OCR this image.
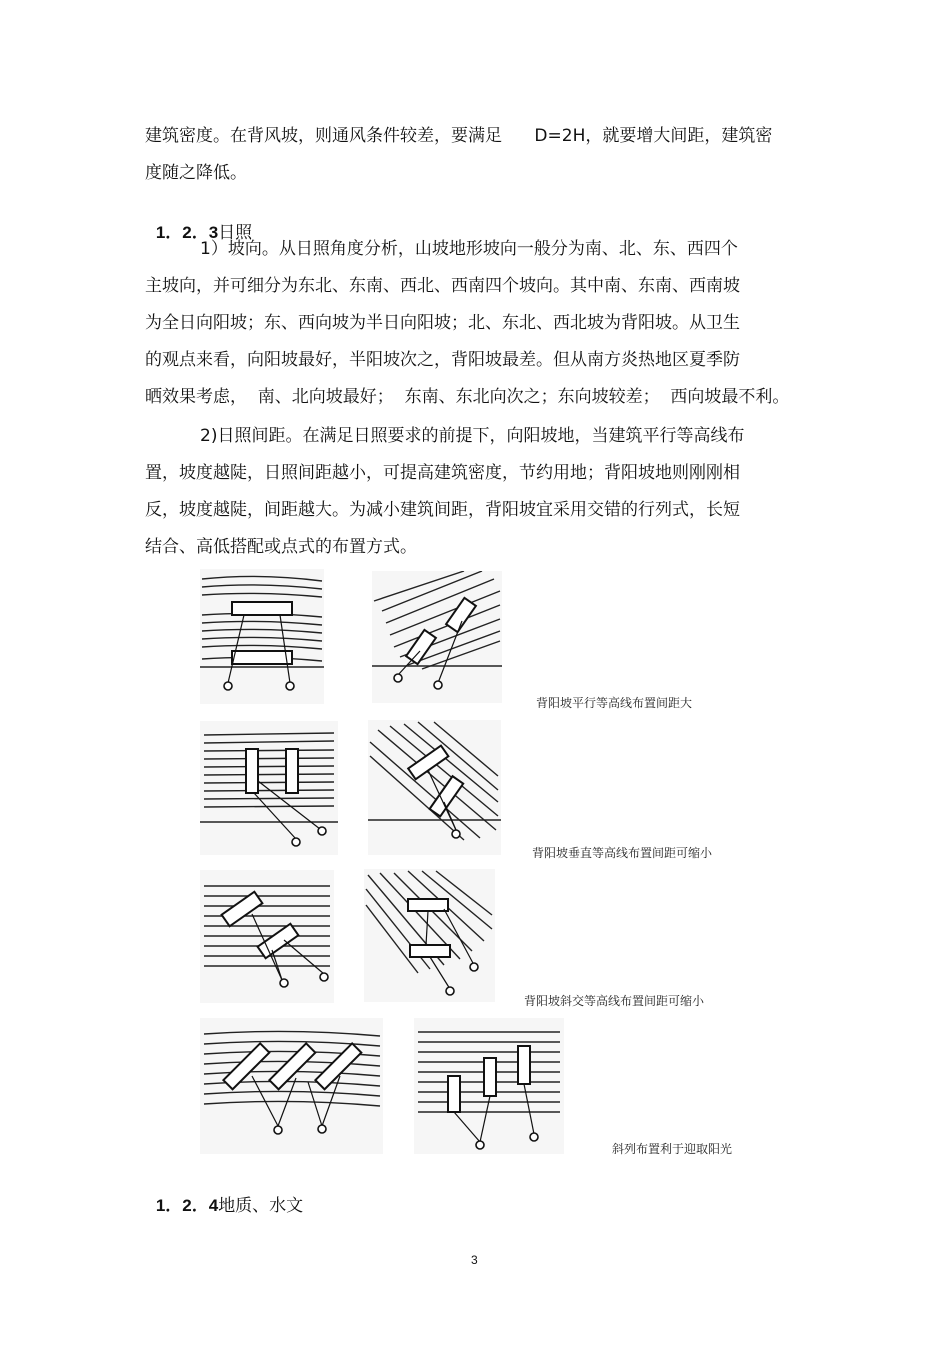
建筑密度。在背风坡，则通风条件较差，要满足      D=2H，就要增大间距，建筑密
度随之降低。

1．2．3日照

1）坡向。从日照角度分析，山坡地形坡向一般分为南、北、东、西四个
主坡向，并可细分为东北、东南、西北、西南四个坡向。其中南、东南、西南坡
为全日向阳坡；东、西向坡为半日向阳坡；北、东北、西北坡为背阳坡。从卫生
的观点来看，向阳坡最好，半阳坡次之，背阳坡最差。但从南方炎热地区夏季防
晒效果考虑，  南、北向坡最好；  东南、东北向次之；东向坡较差；  西向坡最不利。
2)日照间距。在满足日照要求的前提下，向阳坡地，当建筑平行等高线布
置，坡度越陡，日照间距越小，可提高建筑密度，节约用地；背阳坡地则刚刚相
反，坡度越陡，间距越大。为减小建筑间距，背阳坡宜采用交错的行列式，长短
结合、高低搭配或点式的布置方式。
背阳坡平行等高线布置间距大
背阳坡垂直等高线布置间距可缩小
背阳坡斜交等高线布置间距可缩小
斜列布置利于迎取阳光

1．2．4地质、水文

3
